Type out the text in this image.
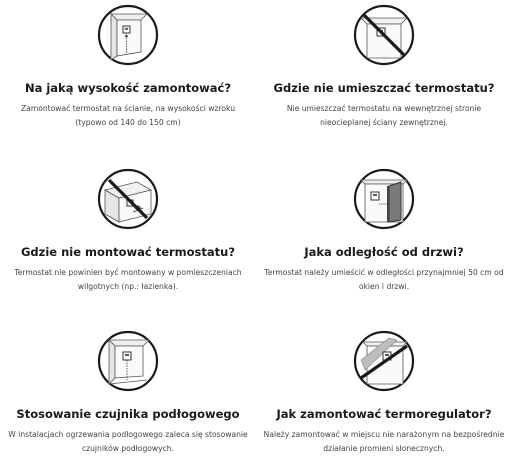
Na jaką wysokość zamontować?
Zamontować termostat na ścianie, na wysokości wzroku (typowo od 140 do 150 cm)
Gdzie nie umieszczać termostatu?
Nie umieszczać termostatu na wewnętrznej stronie nieocieplanej ściany zewnętrznej.
Gdzie nie montować termostatu?
Termostat nie powinien być montowany w pomieszczeniach wilgotnych (np.: łazienka).
Jaka odległość od drzwi?
Termostat należy umieścić w odległości przynajmniej 50 cm od okien i drzwi.
Stosowanie czujnika podłogowego
W instalacjach ogrzewania podłogowego zaleca się stosowanie czujników podłogowych.
Jak zamontować termoregulator?
Należy zamontować w miejscu nie narażonym na bezpośrednie działanie promieni słonecznych.
